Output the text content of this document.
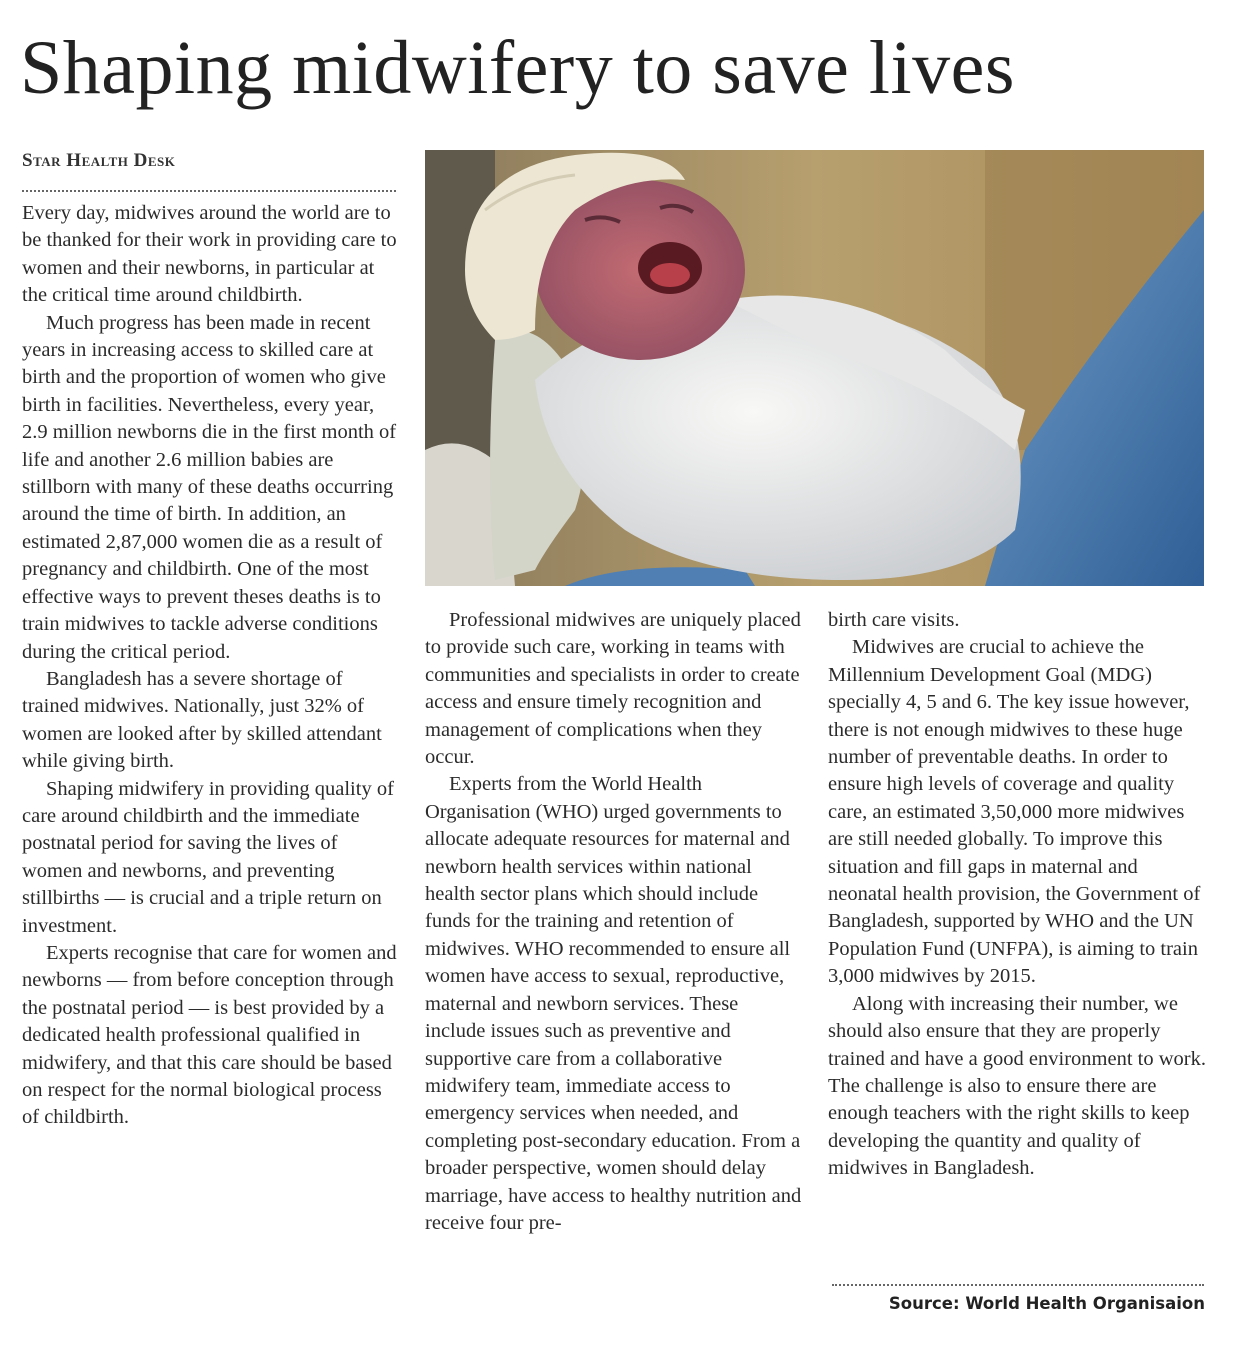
Shaping midwifery to save lives
Star Health Desk

Every day, midwives around the world are to be thanked for their work in providing care to women and their newborns, in particular at the critical time around childbirth.

Much progress has been made in recent years in increasing access to skilled care at birth and the proportion of women who give birth in facilities. Nevertheless, every year, 2.9 million newborns die in the first month of life and another 2.6 million babies are stillborn with many of these deaths occurring around the time of birth. In addition, an estimated 2,87,000 women die as a result of pregnancy and childbirth. One of the most effective ways to prevent theses deaths is to train midwives to tackle adverse conditions during the critical period.

Bangladesh has a severe shortage of trained midwives. Nationally, just 32% of women are looked after by skilled attendant while giving birth.

Shaping midwifery in providing quality of care around childbirth and the immediate postnatal period for saving the lives of women and newborns, and preventing stillbirths — is crucial and a triple return on investment.

Experts recognise that care for women and newborns — from before conception through the postnatal period — is best provided by a dedicated health professional qualified in midwifery, and that this care should be based on respect for the normal biological process of childbirth.

Professional midwives are uniquely placed to provide such care, working in teams with communities and specialists in order to create access and ensure timely recognition and management of complications when they occur.

Experts from the World Health Organisation (WHO) urged governments to allocate adequate resources for maternal and newborn health services within national health sector plans which should include funds for the training and retention of midwives. WHO recommended to ensure all women have access to sexual, reproductive, maternal and newborn services. These include issues such as preventive and supportive care from a collaborative midwifery team, immediate access to emergency services when needed, and completing post-secondary education. From a broader perspective, women should delay marriage, have access to healthy nutrition and receive four pre-

birth care visits.

Midwives are crucial to achieve the Millennium Development Goal (MDG) specially 4, 5 and 6. The key issue however, there is not enough midwives to these huge number of preventable deaths. In order to ensure high levels of coverage and quality care, an estimated 3,50,000 more midwives are still needed globally. To improve this situation and fill gaps in maternal and neonatal health provision, the Government of Bangladesh, supported by WHO and the UN Population Fund (UNFPA), is aiming to train 3,000 midwives by 2015.

Along with increasing their number, we should also ensure that they are properly trained and have a good environment to work. The challenge is also to ensure there are enough teachers with the right skills to keep developing the quantity and quality of midwives in Bangladesh.

Source: World Health Organisaion
